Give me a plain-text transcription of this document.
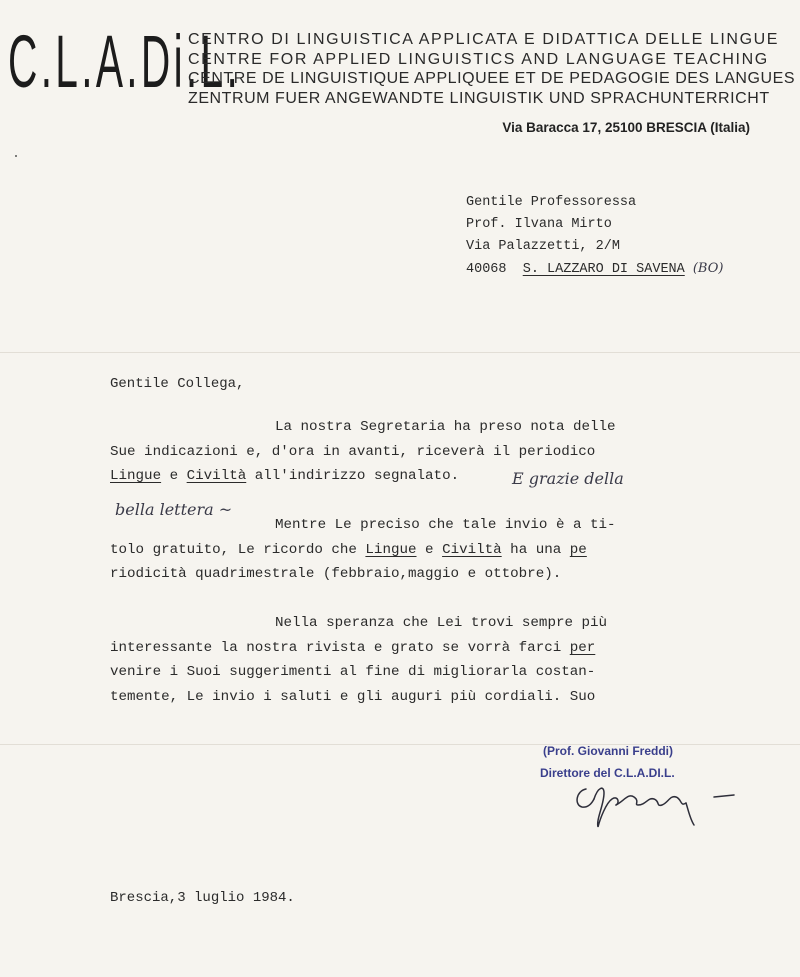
C.L.A.Di.L.
CENTRO DI LINGUISTICA APPLICATA E DIDATTICA DELLE LINGUE
CENTRE FOR APPLIED LINGUISTICS AND LANGUAGE TEACHING
CENTRE DE LINGUISTIQUE APPLIQUEE ET DE PEDAGOGIE DES LANGUES
ZENTRUM FUER ANGEWANDTE LINGUISTIK UND SPRACHUNTERRICHT
Via Baracca 17, 25100 BRESCIA (Italia)
Gentile Professoressa
Prof. Ilvana Mirto
Via Palazzetti, 2/M
40068 S. LAZZARO DI SAVENA (BO)
Gentile Collega,
La nostra Segretaria ha preso nota delle
Sue indicazioni e, d'ora in avanti, riceverà il periodico
Lingue e Civiltà all'indirizzo segnalato.
Mentre Le preciso che tale invio è a ti-
tolo gratuito, Le ricordo che Lingue e Civiltà ha una pe
riodicità quadrimestrale (febbraio,maggio e ottobre).
Nella speranza che Lei trovi sempre più
interessante la nostra rivista e grato se vorrà farci per
venire i Suoi suggerimenti al fine di migliorarla costan-
temente, Le invio i saluti e gli auguri più cordiali. Suo
E grazie della
bella lettera ~
(Prof. Giovanni Freddi)
Direttore del C.L.A.DI.L.
Brescia,3 luglio 1984.
